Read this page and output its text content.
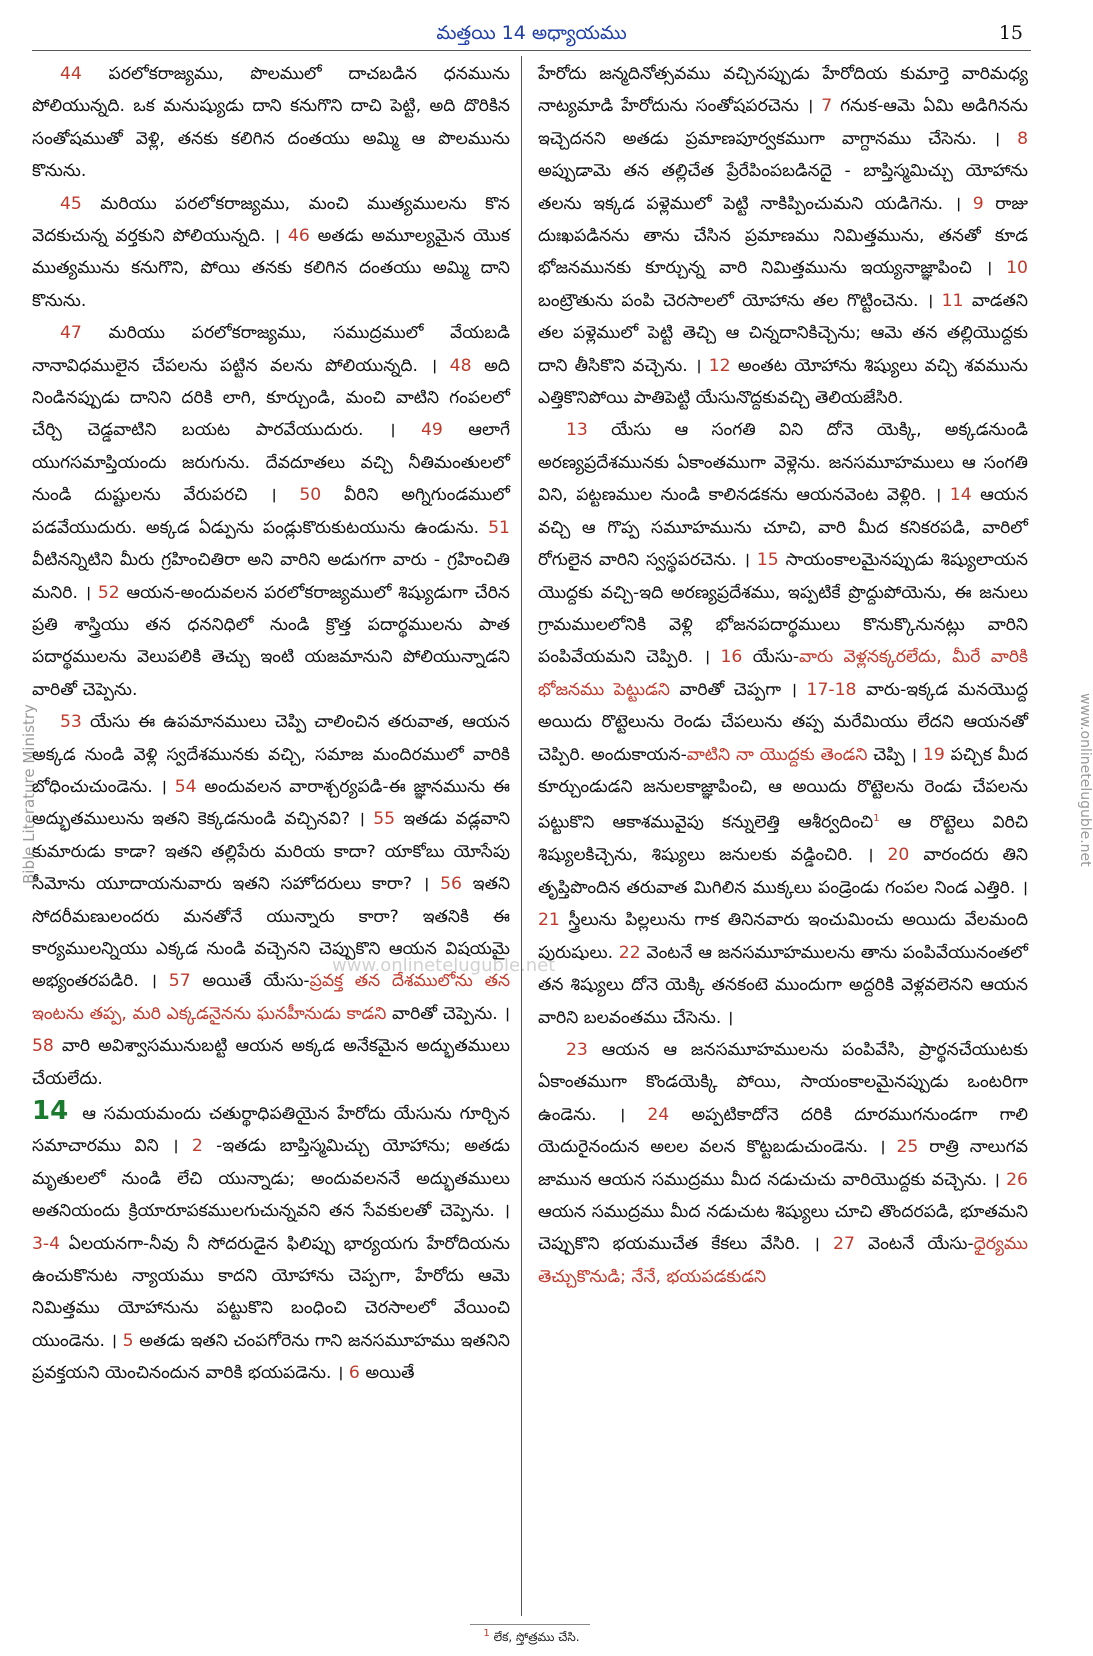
మత్తయి 14 అధ్యాయము	15
Bible Literature Ministry	www.onlineteluguble.net
www.onlineteluguble.net

44 పరలోకరాజ్యము, పొలములో దాచబడిన ధనమును పోలియున్నది. ఒక మనుష్యుడు దాని కనుగొని దాచి పెట్టి, అది దొరికిన సంతోషముతో వెళ్లి, తనకు కలిగిన దంతయు అమ్మి ఆ పొలమును కొనును.

45 మరియు పరలోకరాజ్యము, మంచి ముత్యములను కొన వెదకుచున్న వర్తకుని పోలియున్నది. । 46 అతడు అమూల్యమైన యొక ముత్యమును కనుగొని, పోయి తనకు కలిగిన దంతయు అమ్మి దాని కొనును.

47 మరియు పరలోకరాజ్యము, సముద్రములో వేయబడి నానావిధములైన చేపలను పట్టిన వలను పోలియున్నది. । 48 అది నిండినప్పుడు దానిని దరికి లాగి, కూర్చుండి, మంచి వాటిని గంపలలో చేర్చి చెడ్డవాటిని బయట పారవేయుదురు. । 49 ఆలాగే యుగసమాప్తియందు జరుగును. దేవదూతలు వచ్చి నీతిమంతులలో నుండి దుష్టులను వేరుపరచి । 50 వీరిని అగ్నిగుండములో పడవేయుదురు. అక్కడ ఏడ్పును పండ్లుకొరుకుటయును ఉండును. 51 వీటినన్నిటిని మీరు గ్రహించితిరా అని వారిని అడుగగా వారు - గ్రహించితి మనిరి. । 52 ఆయన-అందువలన పరలోకరాజ్యములో శిష్యుడుగా చేరిన ప్రతి శాస్త్రియు తన ధననిధిలో నుండి క్రొత్త పదార్థములను పాత పదార్థములను వెలుపలికి తెచ్చు ఇంటి యజమానుని పోలియున్నాడని వారితో చెప్పెను.

53 యేసు ఈ ఉపమానములు చెప్పి చాలించిన తరువాత, ఆయన అక్కడ నుండి వెళ్లి స్వదేశమునకు వచ్చి, సమాజ మందిరములో వారికి బోధించుచుండెను. । 54 అందువలన వారాశ్చర్యపడి-ఈ జ్ఞానమును ఈ అద్భుతములును ఇతని కెక్కడనుండి వచ్చినవి? । 55 ఇతడు వడ్లవాని కుమారుడు కాడా? ఇతని తల్లిపేరు మరియ కాదా? యాకోబు యోసేపు సీమోను యూదాయనువారు ఇతని సహోదరులు కారా? । 56 ఇతని సోదరీమణులందరు మనతోనే యున్నారు కారా? ఇతనికి ఈ కార్యములన్నియు ఎక్కడ నుండి వచ్చెనని చెప్పుకొని ఆయన విషయమై అభ్యంతరపడిరి. । 57 అయితే యేసు-ప్రవక్త తన దేశములోను తన ఇంటను తప్ప, మరి ఎక్కడనైనను ఘనహీనుడు కాడని వారితో చెప్పెను. । 58 వారి అవిశ్వాసమునుబట్టి ఆయన అక్కడ అనేకమైన అద్భుతములు చేయలేదు.

14 ఆ సమయమందు చతుర్థాధిపతియైన హేరోదు యేసును గూర్చిన సమాచారము విని । 2 -ఇతడు బాప్తిస్మమిచ్చు యోహాను; అతడు మృతులలో నుండి లేచి యున్నాడు; అందువలననే అద్భుతములు అతనియందు క్రియారూపకములగుచున్నవని తన సేవకులతో చెప్పెను. । 3-4 ఏలయనగా-నీవు నీ సోదరుడైన ఫిలిప్పు భార్యయగు హేరోదియను ఉంచుకొనుట న్యాయము కాదని యోహాను చెప్పగా, హేరోదు ఆమె నిమిత్తము యోహానును పట్టుకొని బంధించి చెరసాలలో వేయించి యుండెను. । 5 అతడు ఇతని చంపగోరెను గాని జనసమూహము ఇతనిని ప్రవక్తయని యెంచినందున వారికి భయపడెను. । 6 అయితే

హేరోదు జన్మదినోత్సవము వచ్చినప్పుడు హేరోదియ కుమార్తె వారిమధ్య నాట్యమాడి హేరోదును సంతోషపరచెను । 7 గనుక-ఆమె ఏమి అడిగినను ఇచ్చెదనని అతడు ప్రమాణపూర్వకముగా వాగ్దానము చేసెను. । 8 అప్పుడామె తన తల్లిచేత ప్రేరేపింపబడినదై - బాప్తిస్మమిచ్చు యోహాను తలను ఇక్కడ పళ్లెములో పెట్టి నాకిప్పించుమని యడిగెను. । 9 రాజు దుఃఖపడినను తాను చేసిన ప్రమాణము నిమిత్తమును, తనతో కూడ భోజనమునకు కూర్చున్న వారి నిమిత్తమును ఇయ్యనాజ్ఞాపించి । 10 బంట్రౌతును పంపి చెరసాలలో యోహాను తల గొట్టించెను. । 11 వాడతని తల పళ్లెములో పెట్టి తెచ్చి ఆ చిన్నదానికిచ్చెను; ఆమె తన తల్లియొద్దకు దాని తీసికొని వచ్చెను. । 12 అంతట యోహాను శిష్యులు వచ్చి శవమును ఎత్తికొనిపోయి పాతిపెట్టి యేసునొద్దకువచ్చి తెలియజేసిరి.

13 యేసు ఆ సంగతి విని దోనె యెక్కి, అక్కడనుండి అరణ్యప్రదేశమునకు ఏకాంతముగా వెళ్లెను. జనసమూహములు ఆ సంగతి విని, పట్టణముల నుండి కాలినడకను ఆయనవెంట వెళ్లిరి. । 14 ఆయన వచ్చి ఆ గొప్ప సమూహమును చూచి, వారి మీద కనికరపడి, వారిలో రోగులైన వారిని స్వస్థపరచెను. । 15 సాయంకాలమైనప్పుడు శిష్యులాయన యొద్దకు వచ్చి-ఇది అరణ్యప్రదేశము, ఇప్పటికే ప్రొద్దుపోయెను, ఈ జనులు గ్రామములలోనికి వెళ్లి భోజనపదార్థములు కొనుక్కొనునట్లు వారిని పంపివేయమని చెప్పిరి. । 16 యేసు-వారు వెళ్లనక్కరలేదు, మీరే వారికి భోజనము పెట్టుడని వారితో చెప్పగా । 17-18 వారు-ఇక్కడ మనయొద్ద అయిదు రొట్టెలును రెండు చేపలును తప్ప మరేమియు లేదని ఆయనతో చెప్పిరి. అందుకాయన-వాటిని నా యొద్దకు తెండని చెప్పి । 19 పచ్చిక మీద కూర్చుండుడని జనులకాజ్ఞాపించి, ఆ అయిదు రొట్టెలను రెండు చేపలను పట్టుకొని ఆకాశమువైపు కన్నులెత్తి ఆశీర్వదించి$^1$ ఆ రొట్టెలు విరిచి శిష్యులకిచ్చెను, శిష్యులు జనులకు వడ్డించిరి. । 20 వారందరు తిని తృప్తిపొందిన తరువాత మిగిలిన ముక్కలు పండ్రెండు గంపల నిండ ఎత్తిరి. । 21 స్త్రీలును పిల్లలును గాక తినినవారు ఇంచుమించు అయిదు వేలమంది పురుషులు. 22 వెంటనే ఆ జనసమూహములను తాను పంపివేయునంతలో తన శిష్యులు దోనె యెక్కి తనకంటె ముందుగా అద్దరికి వెళ్లవలెనని ఆయన వారిని బలవంతము చేసెను. ।

23 ఆయన ఆ జనసమూహములను పంపివేసి, ప్రార్థనచేయుటకు ఏకాంతముగా కొండయెక్కి పోయి, సాయంకాలమైనప్పుడు ఒంటరిగా ఉండెను. । 24 అప్పటికాదోనె దరికి దూరముగనుండగా గాలి యెదురైనందున అలల వలన కొట్టబడుచుండెను. । 25 రాత్రి నాలుగవ జామున ఆయన సముద్రము మీద నడుచుచు వారియొద్దకు వచ్చెను. । 26 ఆయన సముద్రము మీద నడుచుట శిష్యులు చూచి తొందరపడి, భూతమని చెప్పుకొని భయముచేత కేకలు వేసిరి. । 27 వెంటనే యేసు-ధైర్యము తెచ్చుకొనుడి; నేనే, భయపడకుడని

$^1$ లేక, స్తోత్రము చేసి.
